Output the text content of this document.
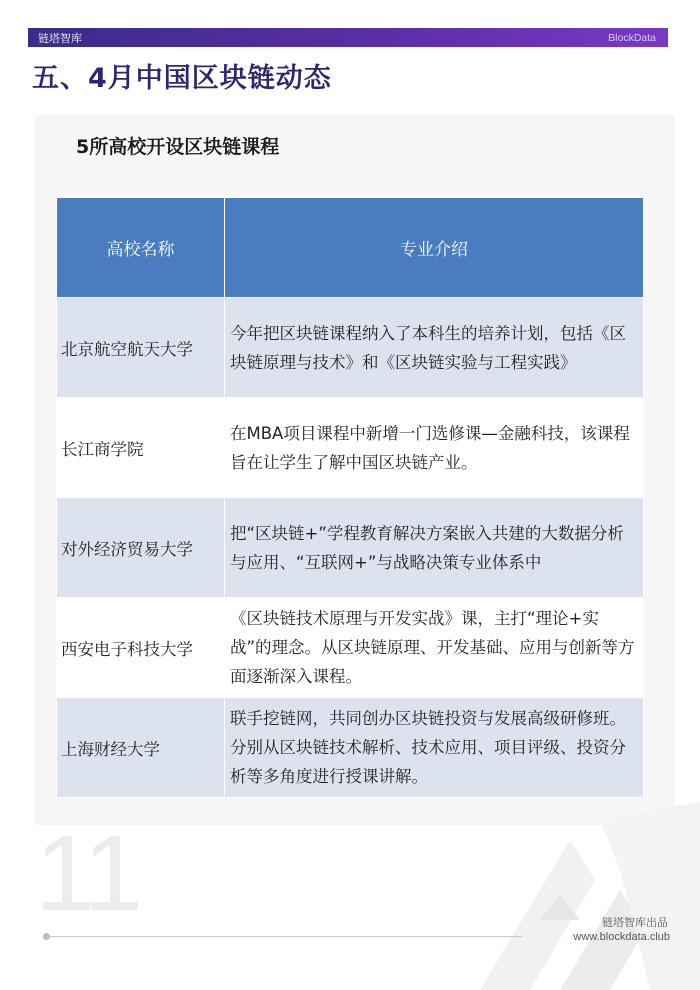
链塔智库	BlockData
五、4月中国区块链动态
5所高校开设区块链课程
高校名称	专业介绍
北京航空航天大学	今年把区块链课程纳入了本科生的培养计划，包括《区块链原理与技术》和《区块链实验与工程实践》
长江商学院	在MBA项目课程中新增一门选修课—金融科技，该课程旨在让学生了解中国区块链产业。
对外经济贸易大学	把“区块链+”学程教育解决方案嵌入共建的大数据分析与应用、“互联网+”与战略决策专业体系中
西安电子科技大学	《区块链技术原理与开发实战》课，主打“理论+实战”的理念。从区块链原理、开发基础、应用与创新等方面逐渐深入课程。
上海财经大学	联手挖链网，共同创办区块链投资与发展高级研修班。分别从区块链技术解析、技术应用、项目评级、投资分析等多角度进行授课讲解。
11	链塔智库出品
www.blockdata.club
